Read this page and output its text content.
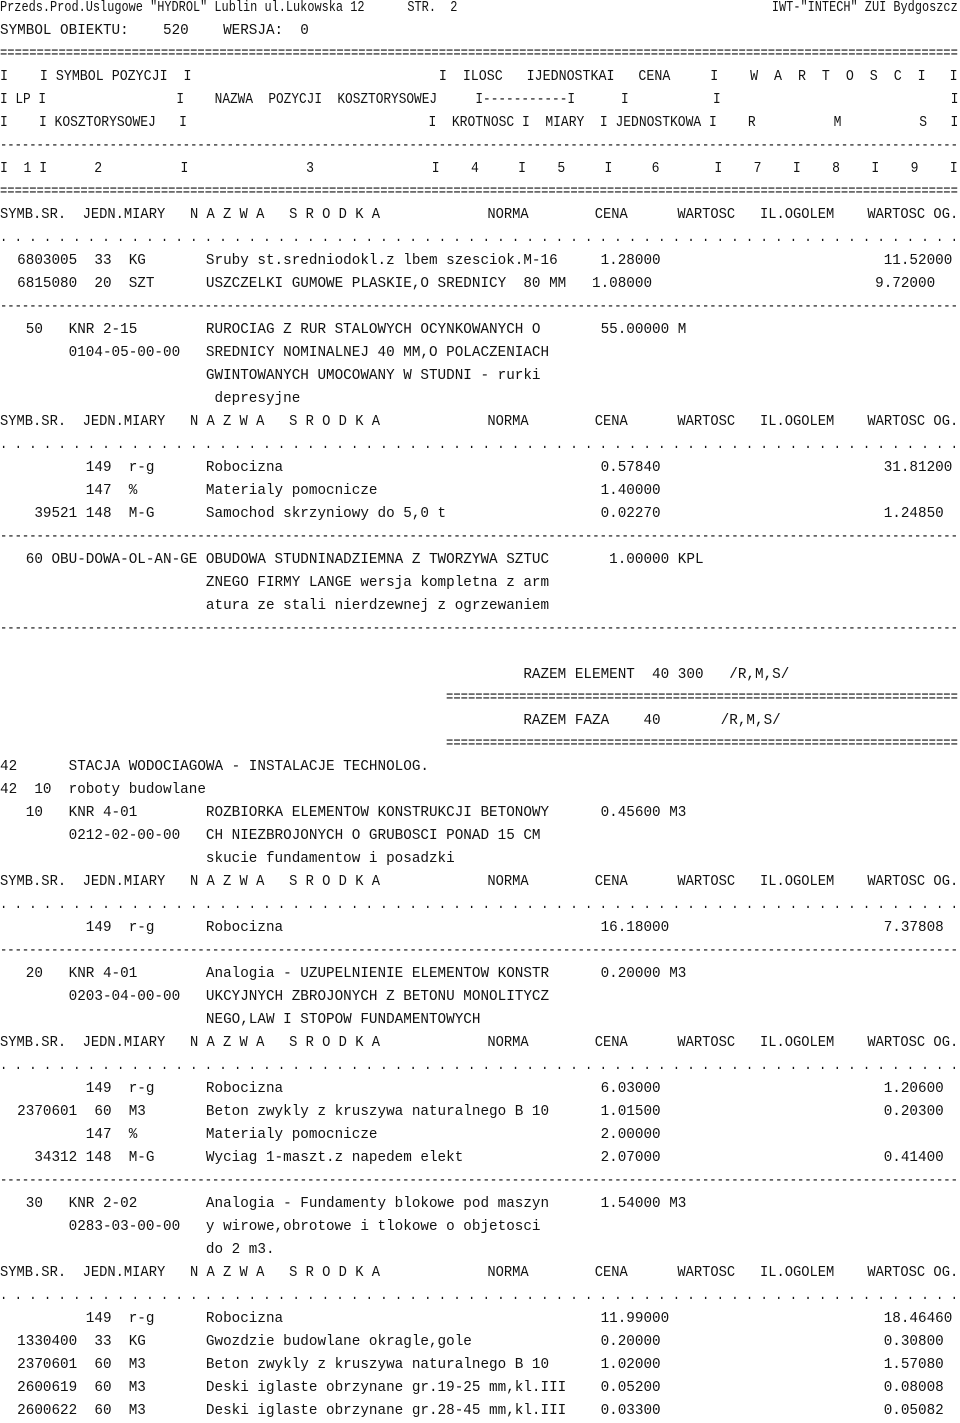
Przeds.Prod.Uslugowe "HYDROL" Lublin ul.Lukowska 12      STR.  2                                            IWT-"INTECH" ZUI Bydgoszcz
SYMBOL OBIEKTU:    520    WERSJA:  0
===================================================================================================================================
I    I SYMBOL POZYCJI  I                               I  ILOSC   IJEDNOSTKAI   CENA     I    W  A  R  T  O  S  C  I   I
I LP I                 I    NAZWA  POZYCJI  KOSZTORYSOWEJ     I-----------I      I           I                              I
I    I KOSZTORYSOWEJ   I                               I  KROTNOSC I  MIARY  I JEDNOSTKOWA I    R          M          S   I
-----------------------------------------------------------------------------------------------------------------------------------
I  1 I      2          I               3               I    4     I    5     I     6       I    7    I    8    I    9    I
===================================================================================================================================
SYMB.SR.  JEDN.MIARY   N A Z W A   S R O D K A             NORMA        CENA      WARTOSC   IL.OGOLEM    WARTOSC OG.
. . . . . . . . . . . . . . . . . . . . . . . . . . . . . . . . . . . . . . . . . . . . . . . . . . . . . . . . . . . . . . . . . .
6803005  33  KG       Sruby st.sredniodokl.z lbem szesciok.M-16     1.28000                          11.52000
6815080  20  SZT      USZCZELKI GUMOWE PLASKIE,O SREDNICY  80 MM   1.08000                          9.72000
-----------------------------------------------------------------------------------------------------------------------------------
50   KNR 2-15        RUROCIAG Z RUR STALOWYCH OCYNKOWANYCH O       55.00000 M
0104-05-00-00   SREDNICY NOMINALNEJ 40 MM,O POLACZENIACH
GWINTOWANYCH UMOCOWANY W STUDNI - rurki
depresyjne
SYMB.SR.  JEDN.MIARY   N A Z W A   S R O D K A             NORMA        CENA      WARTOSC   IL.OGOLEM    WARTOSC OG.
. . . . . . . . . . . . . . . . . . . . . . . . . . . . . . . . . . . . . . . . . . . . . . . . . . . . . . . . . . . . . . . . . .
149  r-g      Robocizna                                     0.57840                          31.81200
147  %        Materialy pomocnicze                          1.40000
39521 148  M-G      Samochod skrzyniowy do 5,0 t                  0.02270                          1.24850
-----------------------------------------------------------------------------------------------------------------------------------
60 OBU-DOWA-OL-AN-GE OBUDOWA STUDNINADZIEMNA Z TWORZYWA SZTUC       1.00000 KPL
ZNEGO FIRMY LANGE wersja kompletna z arm
atura ze stali nierdzewnej z ogrzewaniem
-----------------------------------------------------------------------------------------------------------------------------------
RAZEM ELEMENT  40 300   /R,M,S/
======================================================================
RAZEM FAZA    40       /R,M,S/
======================================================================
42      STACJA WODOCIAGOWA - INSTALACJE TECHNOLOG.
42  10  roboty budowlane
10   KNR 4-01        ROZBIORKA ELEMENTOW KONSTRUKCJI BETONOWY      0.45600 M3
0212-02-00-00   CH NIEZBROJONYCH O GRUBOSCI PONAD 15 CM
skucie fundamentow i posadzki
SYMB.SR.  JEDN.MIARY   N A Z W A   S R O D K A             NORMA        CENA      WARTOSC   IL.OGOLEM    WARTOSC OG.
. . . . . . . . . . . . . . . . . . . . . . . . . . . . . . . . . . . . . . . . . . . . . . . . . . . . . . . . . . . . . . . . . .
149  r-g      Robocizna                                     16.18000                         7.37808
-----------------------------------------------------------------------------------------------------------------------------------
20   KNR 4-01        Analogia - UZUPELNIENIE ELEMENTOW KONSTR      0.20000 M3
0203-04-00-00   UKCYJNYCH ZBROJONYCH Z BETONU MONOLITYCZ
NEGO,LAW I STOPOW FUNDAMENTOWYCH
SYMB.SR.  JEDN.MIARY   N A Z W A   S R O D K A             NORMA        CENA      WARTOSC   IL.OGOLEM    WARTOSC OG.
. . . . . . . . . . . . . . . . . . . . . . . . . . . . . . . . . . . . . . . . . . . . . . . . . . . . . . . . . . . . . . . . . .
149  r-g      Robocizna                                     6.03000                          1.20600
2370601  60  M3       Beton zwykly z kruszywa naturalnego B 10      1.01500                          0.20300
147  %        Materialy pomocnicze                          2.00000
34312 148  M-G      Wyciag 1-maszt.z napedem elekt                2.07000                          0.41400
-----------------------------------------------------------------------------------------------------------------------------------
30   KNR 2-02        Analogia - Fundamenty blokowe pod maszyn      1.54000 M3
0283-03-00-00   y wirowe,obrotowe i tlokowe o objetosci
do 2 m3.
SYMB.SR.  JEDN.MIARY   N A Z W A   S R O D K A             NORMA        CENA      WARTOSC   IL.OGOLEM    WARTOSC OG.
. . . . . . . . . . . . . . . . . . . . . . . . . . . . . . . . . . . . . . . . . . . . . . . . . . . . . . . . . . . . . . . . . .
149  r-g      Robocizna                                     11.99000                         18.46460
1330400  33  KG       Gwozdzie budowlane okragle,gole               0.20000                          0.30800
2370601  60  M3       Beton zwykly z kruszywa naturalnego B 10      1.02000                          1.57080
2600619  60  M3       Deski iglaste obrzynane gr.19-25 mm,kl.III    0.05200                          0.08008
2600622  60  M3       Deski iglaste obrzynane gr.28-45 mm,kl.III    0.03300                          0.05082
